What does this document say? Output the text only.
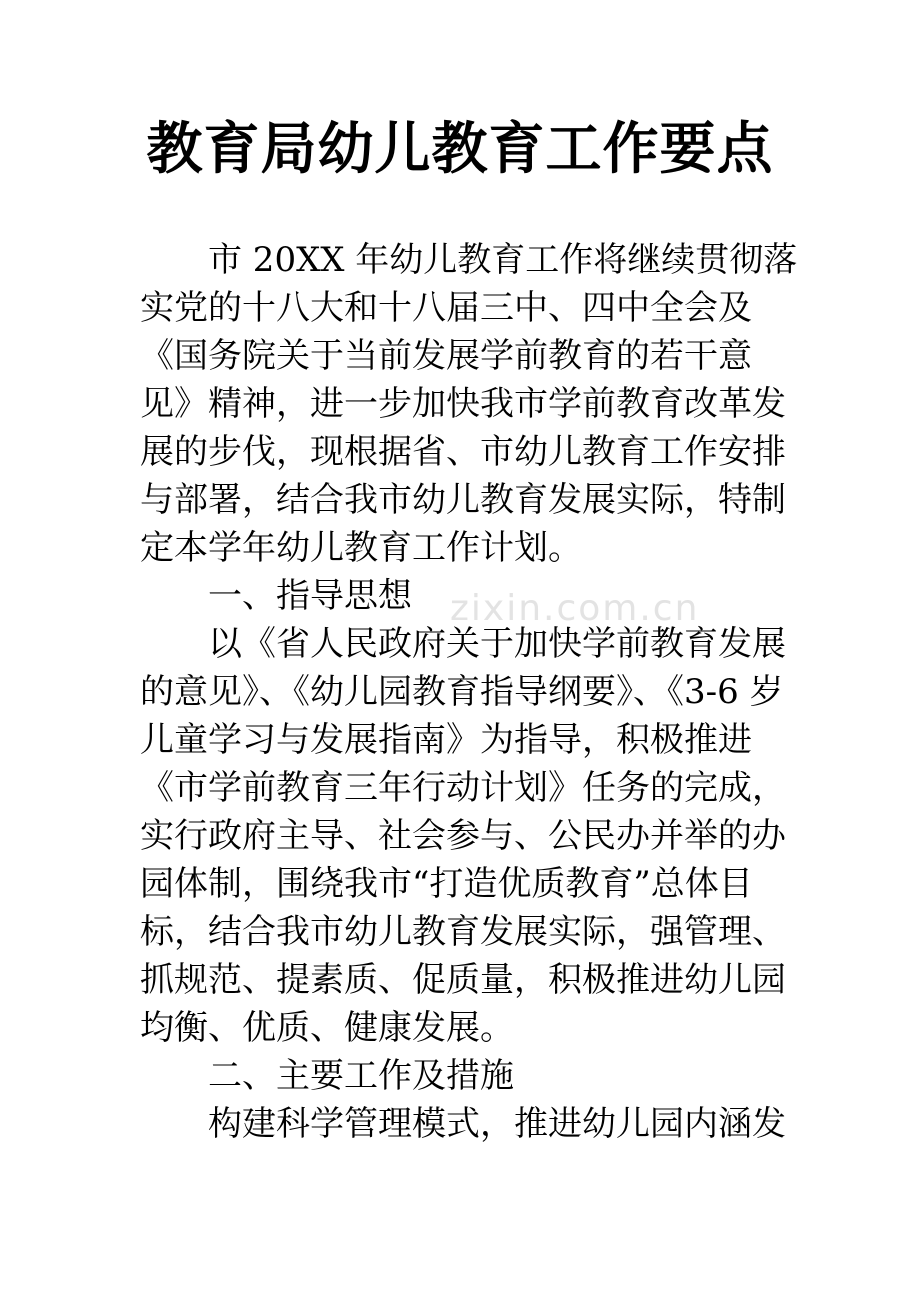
教育局幼儿教育工作要点
zixin.com.cn
市 20XX 年幼儿教育工作将继续贯彻落
实党的十八大和十八届三中、四中全会及
《国务院关于当前发展学前教育的若干意
见》精神，进一步加快我市学前教育改革发
展的步伐，现根据省、市幼儿教育工作安排
与部署，结合我市幼儿教育发展实际，特制
定本学年幼儿教育工作计划。
一、指导思想
以《省人民政府关于加快学前教育发展
的意见》、《幼儿园教育指导纲要》、《3-6 岁
儿童学习与发展指南》为指导，积极推进
《市学前教育三年行动计划》任务的完成，
实行政府主导、社会参与、公民办并举的办
园体制，围绕我市“打造优质教育”总体目
标，结合我市幼儿教育发展实际，强管理、
抓规范、提素质、促质量，积极推进幼儿园
均衡、优质、健康发展。
二、主要工作及措施
构建科学管理模式，推进幼儿园内涵发
